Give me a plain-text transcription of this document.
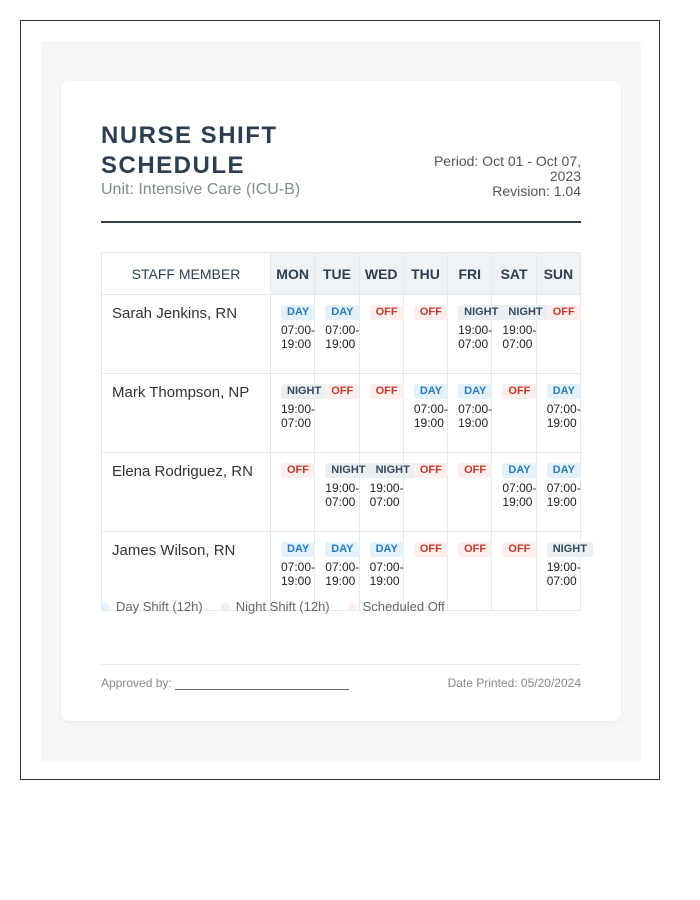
NURSE SHIFT SCHEDULE
Unit: Intensive Care (ICU-B)
Period: Oct 01 - Oct 07, 2023
Revision: 1.04
STAFF MEMBER	MON	TUE	WED	THU	FRI	SAT	SUN
Sarah Jenkins, RN	DAY
07:00-
19:00	DAY
07:00-
19:00	OFF	OFF	NIGHT
19:00-
07:00	NIGHT
19:00-
07:00	OFF
Mark Thompson, NP	NIGHT
19:00-
07:00	OFF	OFF	DAY
07:00-
19:00	DAY
07:00-
19:00	OFF	DAY
07:00-
19:00

Elena Rodriguez, RN	OFF	NIGHT
19:00-
07:00	NIGHT
19:00-
07:00	OFF	OFF	DAY
07:00-
19:00	DAY
07:00-
19:00

James Wilson, RN	DAY
07:00-
19:00	DAY
07:00-
19:00	DAY
07:00-
19:00	OFF	OFF	OFF	NIGHT
19:00-
07:00
Day Shift (12h)	Night Shift (12h)	Scheduled Off
Approved by:	Date Printed: 05/20/2024
